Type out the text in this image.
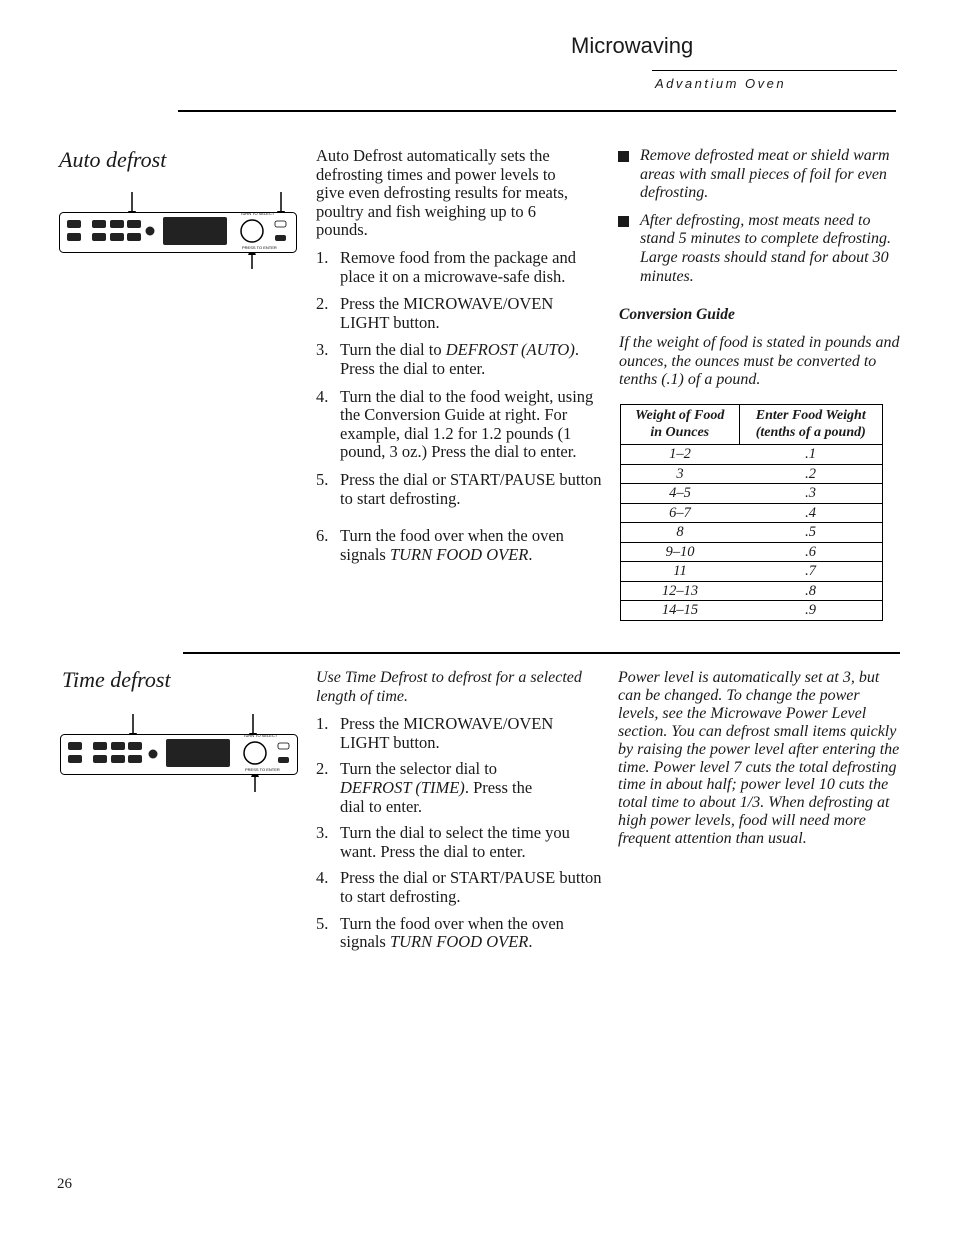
Microwaving
Advantium Oven
Auto defrost
TURN TO SELECT
PRESS TO ENTER
Auto Defrost automatically sets the defrosting times and power levels to give even defrosting results for meats, poultry and fish weighing up to 6 pounds.
1. Remove food from the package and place it on a microwave-safe dish.
2. Press the MICROWAVE/OVEN LIGHT button.
3. Turn the dial to DEFROST (AUTO). Press the dial to enter.
4. Turn the dial to the food weight, using the Conversion Guide at right. For example, dial 1.2 for 1.2 pounds (1 pound, 3 oz.) Press the dial to enter.
5. Press the dial or START/PAUSE button to start defrosting.
6. Turn the food over when the oven signals TURN FOOD OVER.
Remove defrosted meat or shield warm areas with small pieces of foil for even defrosting.
After defrosting, most meats need to stand 5 minutes to complete defrosting. Large roasts should stand for about 30 minutes.
Conversion Guide
If the weight of food is stated in pounds and ounces, the ounces must be converted to tenths (.1) of a pound.
Weight of Food in Ounces	Enter Food Weight (tenths of a pound)

1–2	.1
3	.2
4–5	.3
6–7	.4
8	.5
9–10	.6
11	.7
12–13	.8
14–15	.9
Time defrost
TURN TO SELECT
PRESS TO ENTER
Use Time Defrost to defrost for a selected length of time.
1. Press the MICROWAVE/OVEN LIGHT button.
2. Turn the selector dial to DEFROST (TIME). Press the dial to enter.
3. Turn the dial to select the time you want. Press the dial to enter.
4. Press the dial or START/PAUSE button to start defrosting.
5. Turn the food over when the oven signals TURN FOOD OVER.
Power level is automatically set at 3, but can be changed. To change the power levels, see the Microwave Power Level section. You can defrost small items quickly by raising the power level after entering the time. Power level 7 cuts the total defrosting time in about half; power level 10 cuts the total time to about 1/3. When defrosting at high power levels, food will need more frequent attention than usual.
26
